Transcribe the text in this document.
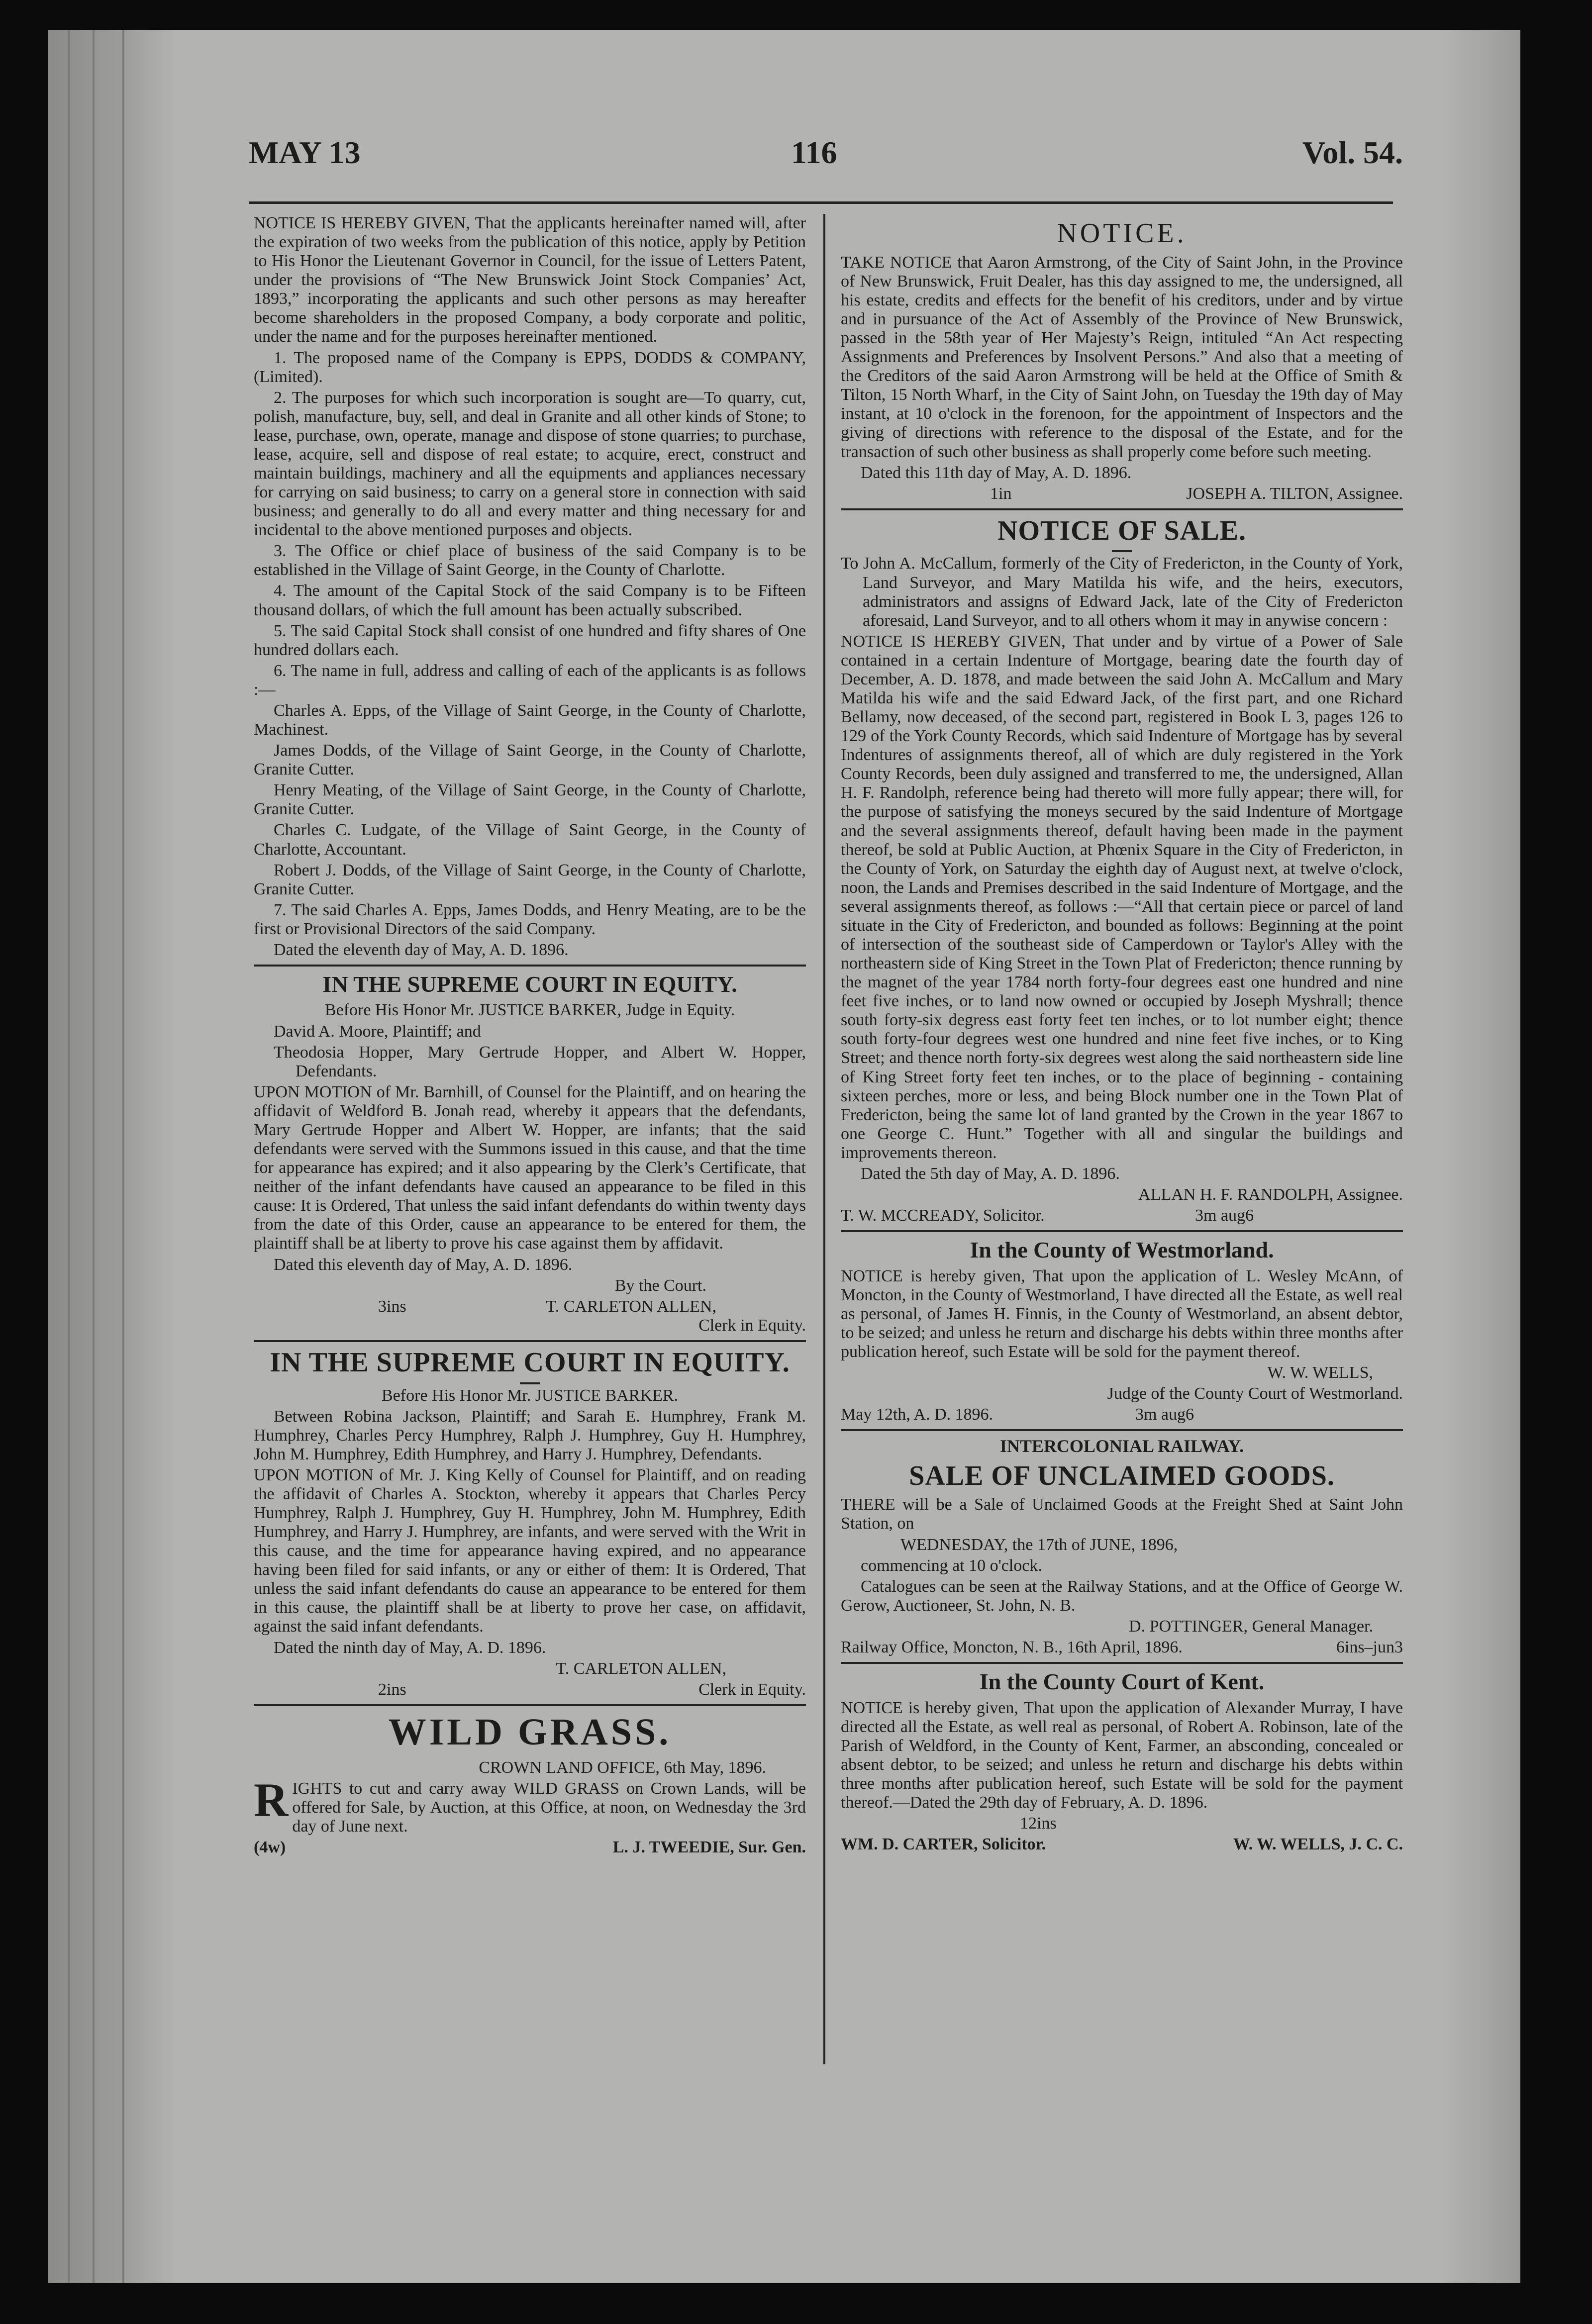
MAY 13	116	Vol. 54.

NOTICE IS HEREBY GIVEN, That the applicants hereinafter named will, after the expiration of two weeks from the publication of this notice, apply by Petition to His Honor the Lieutenant Governor in Council, for the issue of Letters Patent, under the provisions of “The New Brunswick Joint Stock Companies’ Act, 1893,” incorporating the applicants and such other persons as may hereafter become shareholders in the proposed Company, a body corporate and politic, under the name and for the purposes hereinafter mentioned.

1. The proposed name of the Company is EPPS, DODDS & COMPANY, (Limited).

2. The purposes for which such incorporation is sought are—To quarry, cut, polish, manufacture, buy, sell, and deal in Granite and all other kinds of Stone; to lease, purchase, own, operate, manage and dispose of stone quarries; to purchase, lease, acquire, sell and dispose of real estate; to acquire, erect, construct and maintain buildings, machinery and all the equipments and appliances necessary for carrying on said business; to carry on a general store in connection with said business; and generally to do all and every matter and thing necessary for and incidental to the above mentioned purposes and objects.

3. The Office or chief place of business of the said Company is to be established in the Village of Saint George, in the County of Charlotte.

4. The amount of the Capital Stock of the said Company is to be Fifteen thousand dollars, of which the full amount has been actually subscribed.

5. The said Capital Stock shall consist of one hundred and fifty shares of One hundred dollars each.

6. The name in full, address and calling of each of the applicants is as follows :—

Charles A. Epps, of the Village of Saint George, in the County of Charlotte, Machinest.

James Dodds, of the Village of Saint George, in the County of Charlotte, Granite Cutter.

Henry Meating, of the Village of Saint George, in the County of Charlotte, Granite Cutter.

Charles C. Ludgate, of the Village of Saint George, in the County of Charlotte, Accountant.

Robert J. Dodds, of the Village of Saint George, in the County of Charlotte, Granite Cutter.

7. The said Charles A. Epps, James Dodds, and Henry Meating, are to be the first or Provisional Directors of the said Company.

Dated the eleventh day of May, A. D. 1896.

IN THE SUPREME COURT IN EQUITY.

Before His Honor Mr. JUSTICE BARKER, Judge in Equity.

David A. Moore, Plaintiff; and

Theodosia Hopper, Mary Gertrude Hopper, and Albert W. Hopper, Defendants.

UPON MOTION of Mr. Barnhill, of Counsel for the Plaintiff, and on hearing the affidavit of Weldford B. Jonah read, whereby it appears that the defendants, Mary Gertrude Hopper and Albert W. Hopper, are infants; that the said defendants were served with the Summons issued in this cause, and that the time for appearance has expired; and it also appearing by the Clerk’s Certificate, that neither of the infant defendants have caused an appearance to be filed in this cause: It is Ordered, That unless the said infant defendants do within twenty days from the date of this Order, cause an appearance to be entered for them, the plaintiff shall be at liberty to prove his case against them by affidavit.

Dated this eleventh day of May, A. D. 1896.

By the Court.

3ins	T. CARLETON ALLEN,

Clerk in Equity.

IN THE SUPREME COURT IN EQUITY.

Before His Honor Mr. JUSTICE BARKER.

Between Robina Jackson, Plaintiff; and Sarah E. Humphrey, Frank M. Humphrey, Charles Percy Humphrey, Ralph J. Humphrey, Guy H. Humphrey, John M. Humphrey, Edith Humphrey, and Harry J. Humphrey, Defendants.

UPON MOTION of Mr. J. King Kelly of Counsel for Plaintiff, and on reading the affidavit of Charles A. Stockton, whereby it appears that Charles Percy Humphrey, Ralph J. Humphrey, Guy H. Humphrey, John M. Humphrey, Edith Humphrey, and Harry J. Humphrey, are infants, and were served with the Writ in this cause, and the time for appearance having expired, and no appearance having been filed for said infants, or any or either of them: It is Ordered, That unless the said infant defendants do cause an appearance to be entered for them in this cause, the plaintiff shall be at liberty to prove her case, on affidavit, against the said infant defendants.

Dated the ninth day of May, A. D. 1896.

T. CARLETON ALLEN,

2ins	Clerk in Equity.
WILD GRASS.

CROWN LAND OFFICE, 6th May, 1896.

RIGHTS to cut and carry away WILD GRASS on Crown Lands, will be offered for Sale, by Auction, at this Office, at noon, on Wednesday the 3rd day of June next.

(4w)	L. J. TWEEDIE, Sur. Gen.
NOTICE.

TAKE NOTICE that Aaron Armstrong, of the City of Saint John, in the Province of New Brunswick, Fruit Dealer, has this day assigned to me, the undersigned, all his estate, credits and effects for the benefit of his creditors, under and by virtue and in pursuance of the Act of Assembly of the Province of New Brunswick, passed in the 58th year of Her Majesty’s Reign, intituled “An Act respecting Assignments and Preferences by Insolvent Persons.” And also that a meeting of the Creditors of the said Aaron Armstrong will be held at the Office of Smith & Tilton, 15 North Wharf, in the City of Saint John, on Tuesday the 19th day of May instant, at 10 o'clock in the forenoon, for the appointment of Inspectors and the giving of directions with reference to the disposal of the Estate, and for the transaction of such other business as shall properly come before such meeting.

Dated this 11th day of May, A. D. 1896.

1in	JOSEPH A. TILTON, Assignee.
NOTICE OF SALE.

To John A. McCallum, formerly of the City of Fredericton, in the County of York, Land Surveyor, and Mary Matilda his wife, and the heirs, executors, administrators and assigns of Edward Jack, late of the City of Fredericton aforesaid, Land Surveyor, and to all others whom it may in anywise concern :

NOTICE IS HEREBY GIVEN, That under and by virtue of a Power of Sale contained in a certain Indenture of Mortgage, bearing date the fourth day of December, A. D. 1878, and made between the said John A. McCallum and Mary Matilda his wife and the said Edward Jack, of the first part, and one Richard Bellamy, now deceased, of the second part, registered in Book L 3, pages 126 to 129 of the York County Records, which said Indenture of Mortgage has by several Indentures of assignments thereof, all of which are duly registered in the York County Records, been duly assigned and transferred to me, the undersigned, Allan H. F. Randolph, reference being had thereto will more fully appear; there will, for the purpose of satisfying the moneys secured by the said Indenture of Mortgage and the several assignments thereof, default having been made in the payment thereof, be sold at Public Auction, at Phœnix Square in the City of Fredericton, in the County of York, on Saturday the eighth day of August next, at twelve o'clock, noon, the Lands and Premises described in the said Indenture of Mortgage, and the several assignments thereof, as follows :—“All that certain piece or parcel of land situate in the City of Fredericton, and bounded as follows: Beginning at the point of intersection of the southeast side of Camperdown or Taylor's Alley with the northeastern side of King Street in the Town Plat of Fredericton; thence running by the magnet of the year 1784 north forty-four degrees east one hundred and nine feet five inches, or to land now owned or occupied by Joseph Myshrall; thence south forty-six degress east forty feet ten inches, or to lot number eight; thence south forty-four degrees west one hundred and nine feet five inches, or to King Street; and thence north forty-six degrees west along the said northeastern side line of King Street forty feet ten inches, or to the place of beginning - containing sixteen perches, more or less, and being Block number one in the Town Plat of Fredericton, being the same lot of land granted by the Crown in the year 1867 to one George C. Hunt.” Together with all and singular the buildings and improvements thereon.

Dated the 5th day of May, A. D. 1896.

ALLAN H. F. RANDOLPH, Assignee.

T. W. MCCREADY, Solicitor.	3m aug6
In the County of Westmorland.

NOTICE is hereby given, That upon the application of L. Wesley McAnn, of Moncton, in the County of Westmorland, I have directed all the Estate, as well real as personal, of James H. Finnis, in the County of Westmorland, an absent debtor, to be seized; and unless he return and discharge his debts within three months after publication hereof, such Estate will be sold for the payment thereof.

W. W. WELLS,

Judge of the County Court of Westmorland.

May 12th, A. D. 1896.	3m aug6

INTERCOLONIAL RAILWAY.

SALE OF UNCLAIMED GOODS.

THERE will be a Sale of Unclaimed Goods at the Freight Shed at Saint John Station, on

WEDNESDAY, the 17th of JUNE, 1896,

commencing at 10 o'clock.

Catalogues can be seen at the Railway Stations, and at the Office of George W. Gerow, Auctioneer, St. John, N. B.

D. POTTINGER, General Manager.

Railway Office, Moncton, N. B., 16th April, 1896.	6ins–jun3
In the County Court of Kent.

NOTICE is hereby given, That upon the application of Alexander Murray, I have directed all the Estate, as well real as personal, of Robert A. Robinson, late of the Parish of Weldford, in the County of Kent, Farmer, an absconding, concealed or absent debtor, to be seized; and unless he return and discharge his debts within three months after publication hereof, such Estate will be sold for the payment thereof.—Dated the 29th day of February, A. D. 1896.

12ins

WM. D. CARTER, Solicitor.	W. W. WELLS, J. C. C.
